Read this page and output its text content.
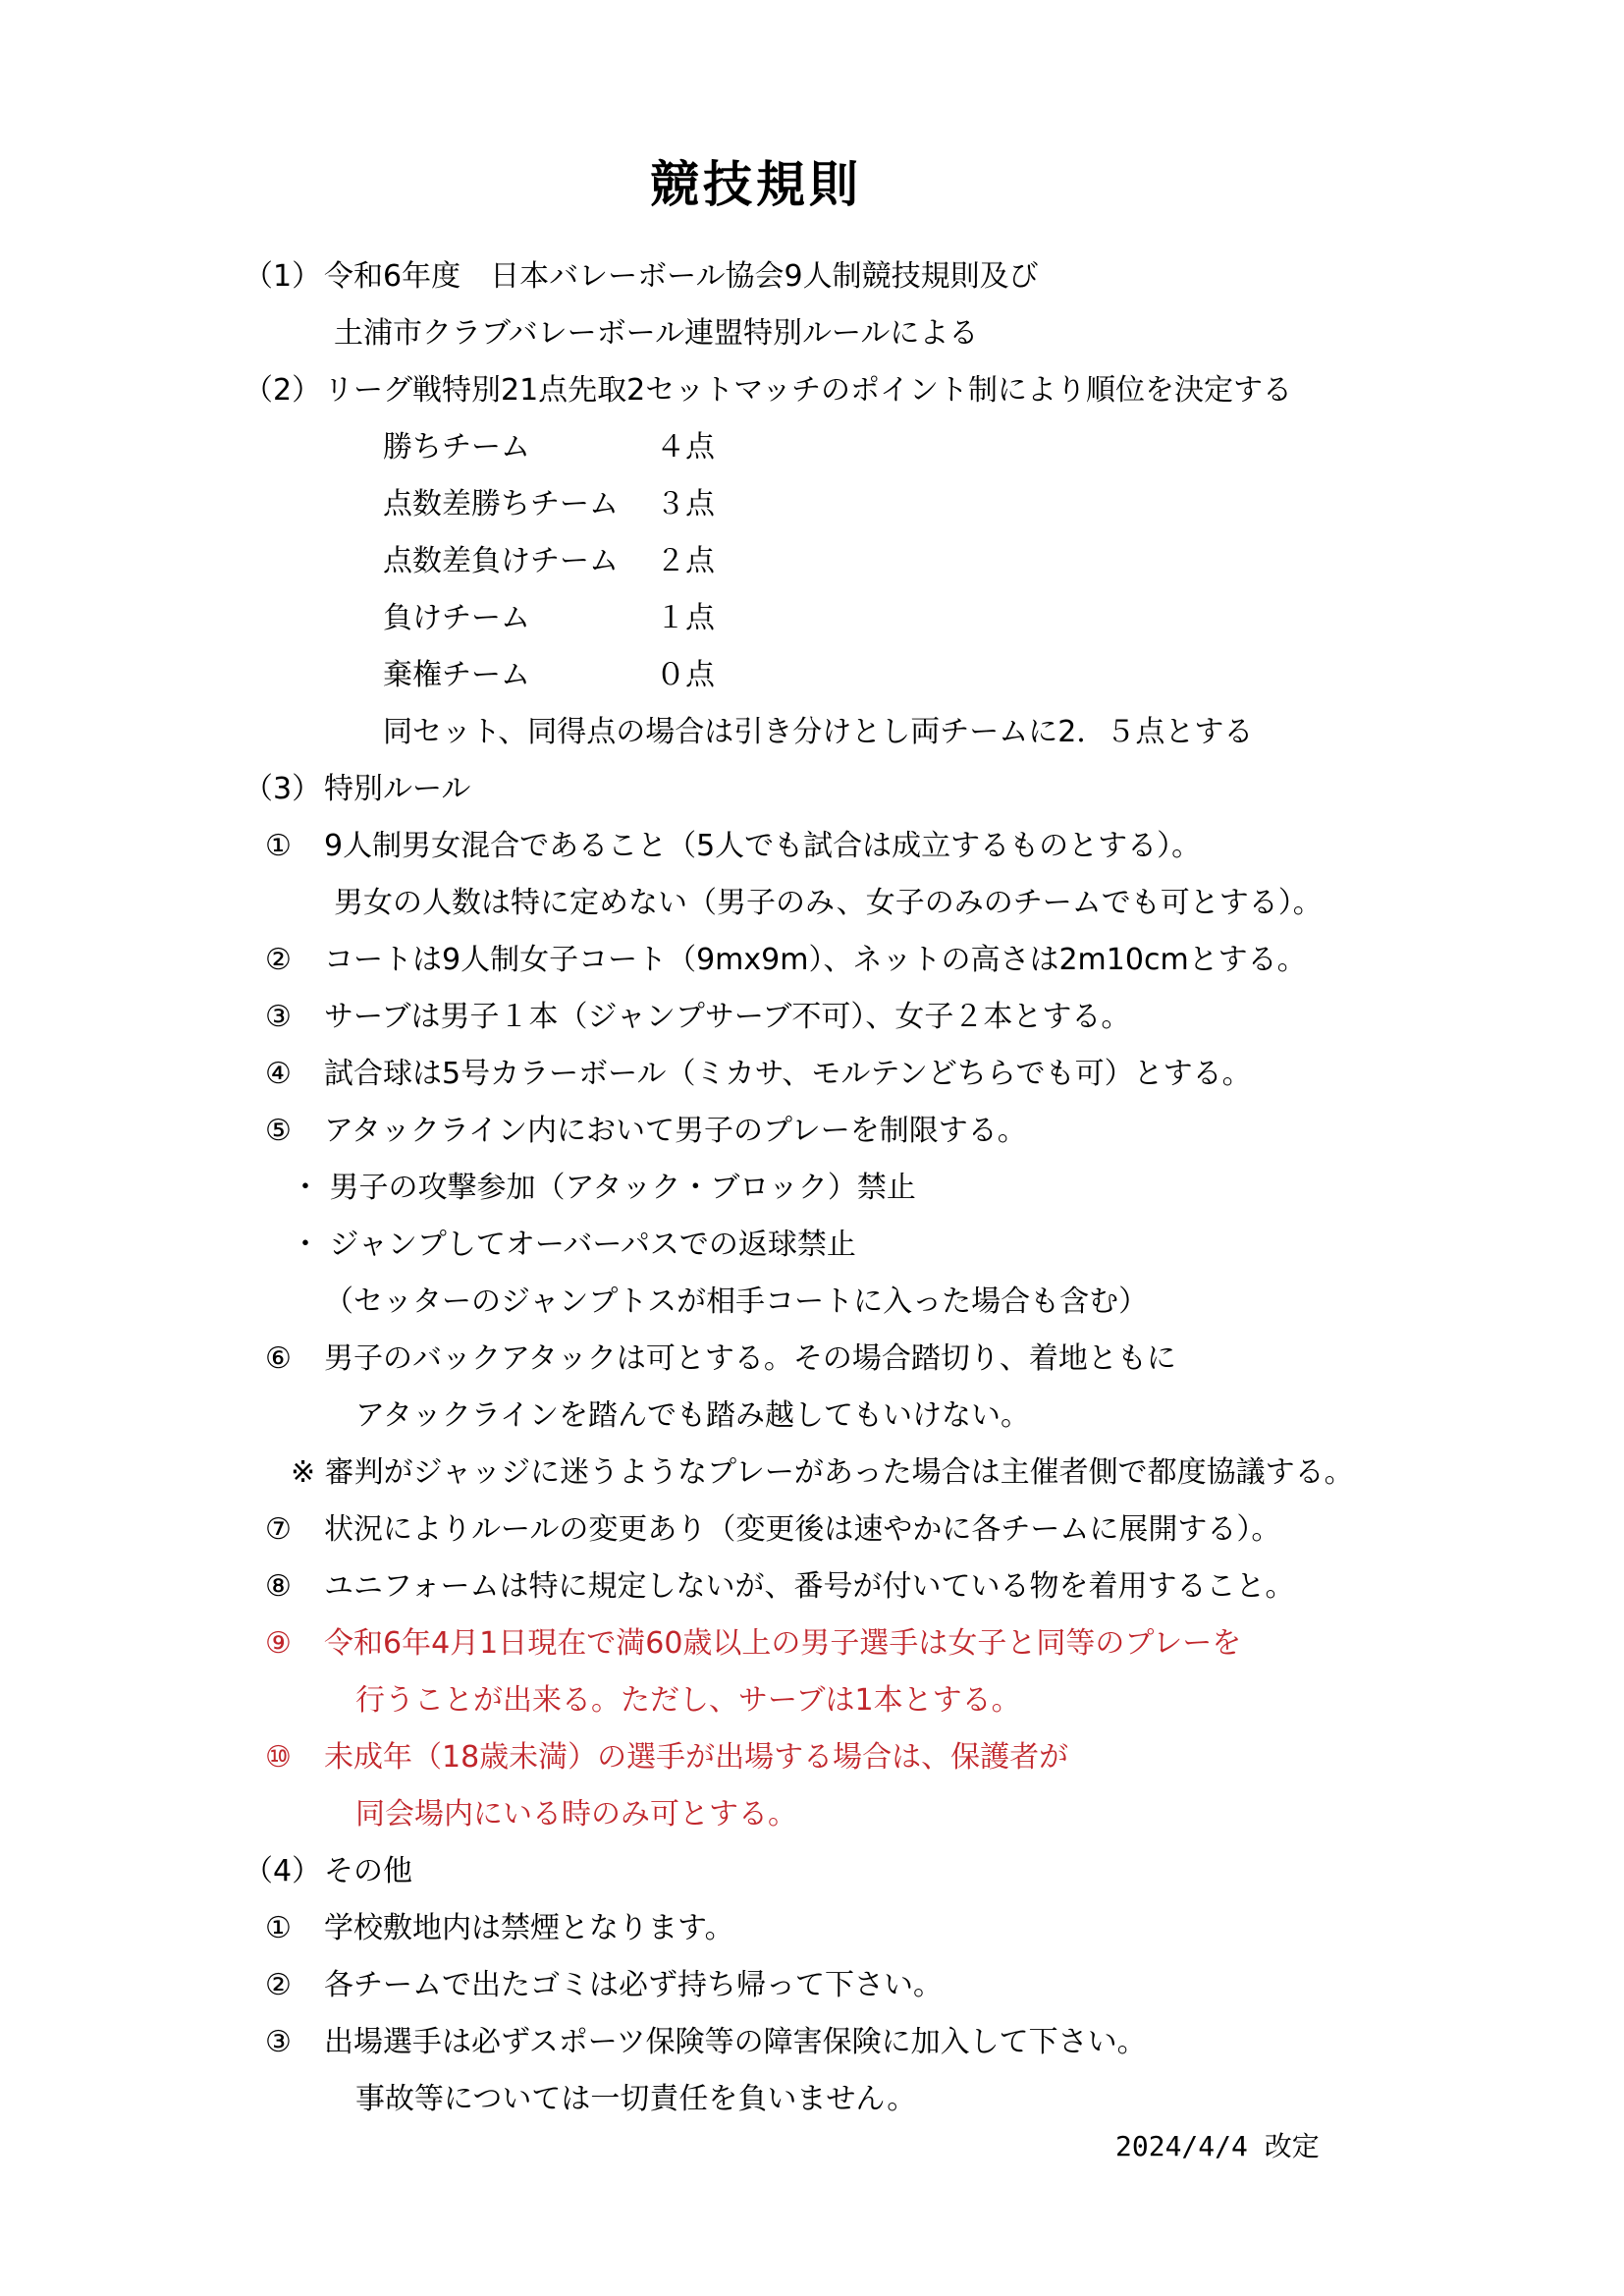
競技規則
（1） 令和6年度　日本バレーボール協会9人制競技規則及び
土浦市クラブバレーボール連盟特別ルールによる
（2） リーグ戦特別21点先取2セットマッチのポイント制により順位を決定する
勝ちチーム	４点
点数差勝ちチーム ３点
点数差負けチーム ２点
負けチーム	１点
棄権チーム	０点
同セット、同得点の場合は引き分けとし両チームに2．５点とする
（3） 特別ルール
① 9人制男女混合であること（5人でも試合は成立するものとする）。
男女の人数は特に定めない（男子のみ、女子のみのチームでも可とする）。
② コートは9人制女子コート（9mx9m）、ネットの高さは2m10cmとする。
③ サーブは男子１本（ジャンプサーブ不可）、女子２本とする。
④ 試合球は5号カラーボール（ミカサ、モルテンどちらでも可）とする。
⑤ アタックライン内において男子のプレーを制限する。
・ 男子の攻撃参加（アタック・ブロック）禁止
・ ジャンプしてオーバーパスでの返球禁止
（セッターのジャンプトスが相手コートに入った場合も含む）
⑥ 男子のバックアタックは可とする。その場合踏切り、着地ともに
アタックラインを踏んでも踏み越してもいけない。
※ 審判がジャッジに迷うようなプレーがあった場合は主催者側で都度協議する。
⑦ 状況によりルールの変更あり（変更後は速やかに各チームに展開する）。
⑧ ユニフォームは特に規定しないが、番号が付いている物を着用すること。
⑨ 令和6年4月1日現在で満60歳以上の男子選手は女子と同等のプレーを
行うことが出来る。ただし、サーブは1本とする。
⑩ 未成年（18歳未満）の選手が出場する場合は、保護者が
同会場内にいる時のみ可とする。
（4） その他
① 学校敷地内は禁煙となります。
② 各チームで出たゴミは必ず持ち帰って下さい。
③ 出場選手は必ずスポーツ保険等の障害保険に加入して下さい。
事故等については一切責任を負いません。
2024/4/4 改定
